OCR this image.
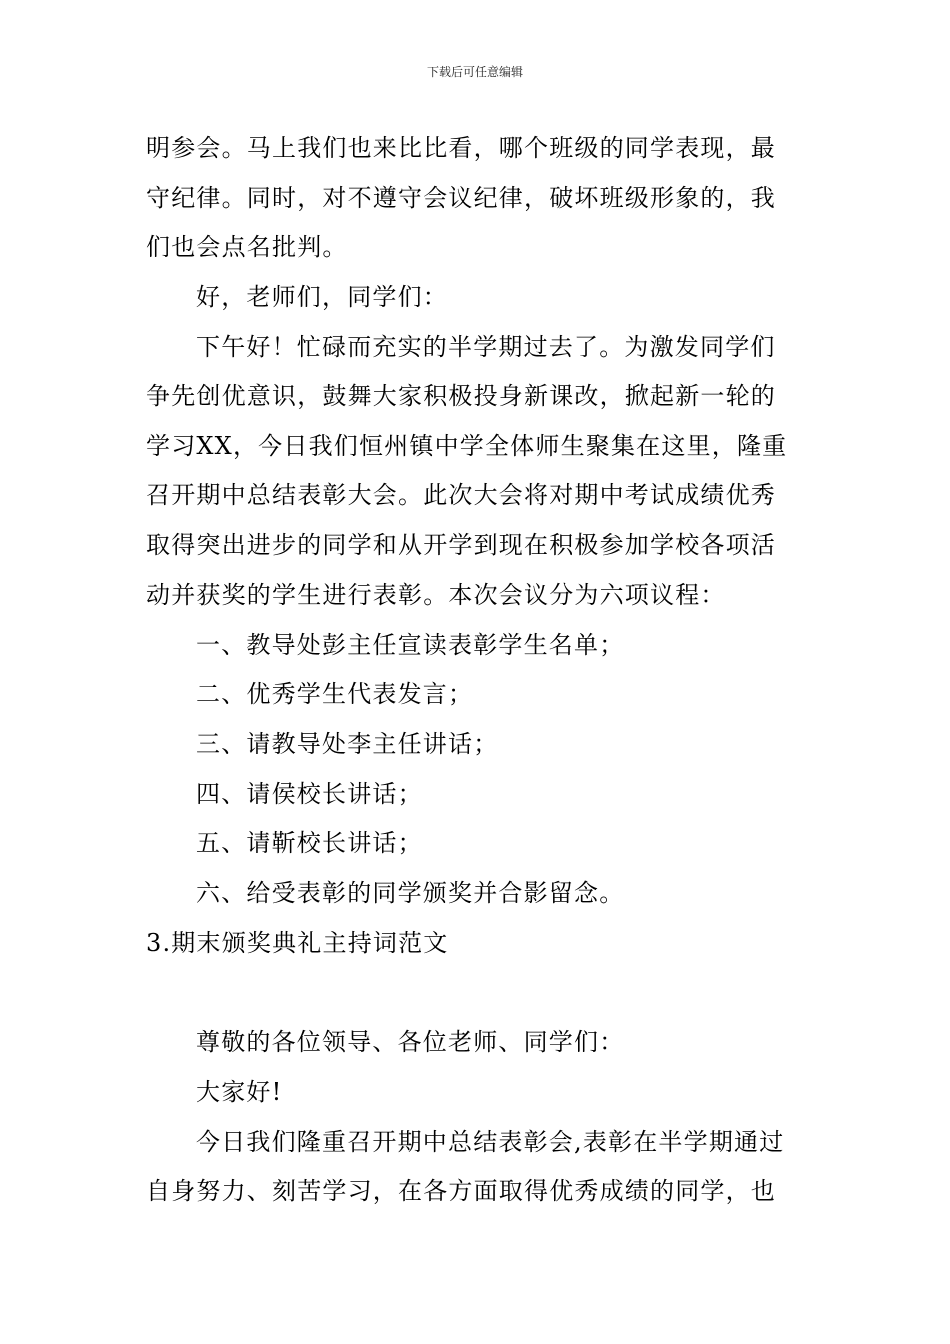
下载后可任意编辑
明参会。马上我们也来比比看，哪个班级的同学表现，最
守纪律。同时，对不遵守会议纪律，破坏班级形象的，我
们也会点名批判。
好，老师们，同学们：
下午好！忙碌而充实的半学期过去了。为激发同学们
争先创优意识，鼓舞大家积极投身新课改，掀起新一轮的
学习XX，今日我们恒州镇中学全体师生聚集在这里，隆重
召开期中总结表彰大会。此次大会将对期中考试成绩优秀
取得突出进步的同学和从开学到现在积极参加学校各项活
动并获奖的学生进行表彰。本次会议分为六项议程：
一、教导处彭主任宣读表彰学生名单；
二、优秀学生代表发言；
三、请教导处李主任讲话；
四、请侯校长讲话；
五、请靳校长讲话；
六、给受表彰的同学颁奖并合影留念。
3.期末颁奖典礼主持词范文
尊敬的各位领导、各位老师、同学们：
大家好!
今日我们隆重召开期中总结表彰会,表彰在半学期通过
自身努力、刻苦学习，在各方面取得优秀成绩的同学，也
